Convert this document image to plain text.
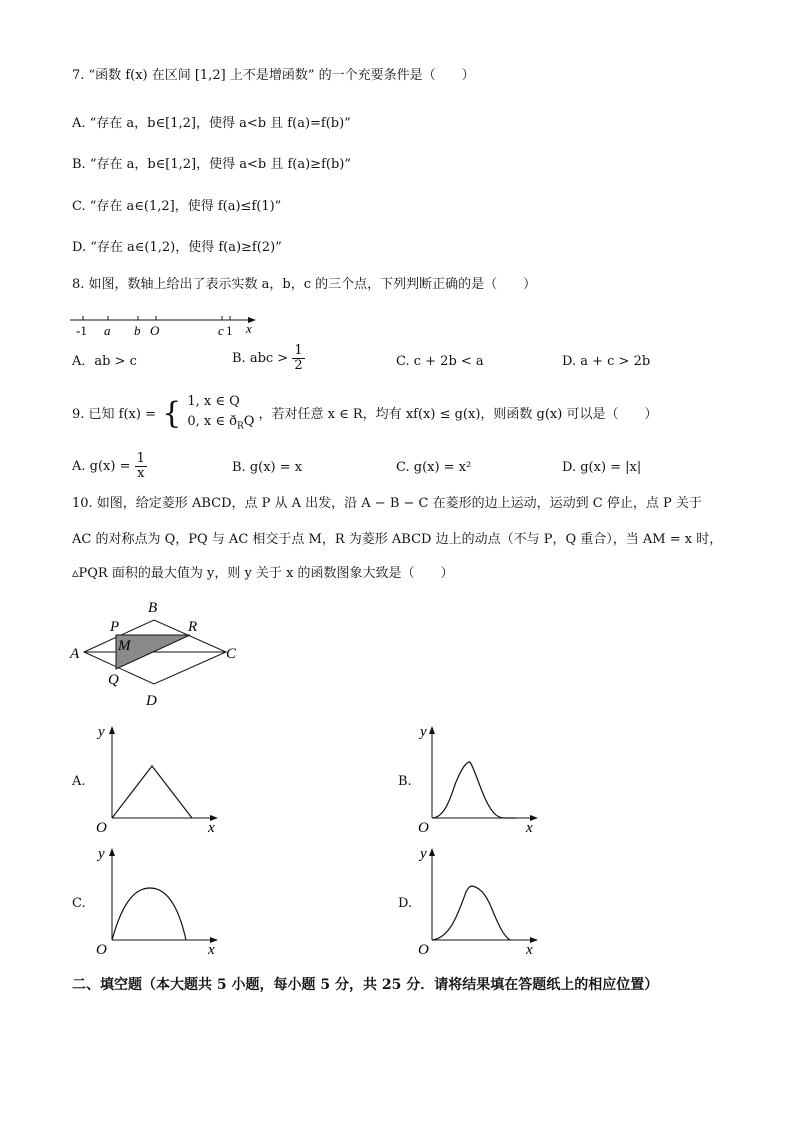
7. “函数 f(x) 在区间 [1,2] 上不是增函数” 的一个充要条件是（　　）
A. “存在 a，b∈[1,2]，使得 a<b 且 f(a)=f(b)”
B. “存在 a，b∈[1,2]，使得 a<b 且 f(a)≥f(b)”
C. “存在 a∈(1,2]，使得 f(a)≤f(1)”
D. “存在 a∈(1,2)，使得 f(a)≥f(2)”
8. 如图，数轴上给出了表示实数 a，b，c 的三个点，下列判断正确的是（　　）
-1 a b O	c 1 x
A．ab > c	B. abc > $\frac{1}{2}$	C. c + 2b < a	D. a + c > 2b
9. 已知 f(x) = { 1, x ∈ Q
0, x ∈ $ð_RQ$ ，若对任意 x ∈ R，均有 xf(x) ≤ g(x)，则函数 g(x) 可以是（　　）
A. $g(x) = \frac{1}{x}$	B. g(x) = x	C. g(x) = x²	D. g(x) = |x|
10. 如图，给定菱形 ABCD，点 P 从 A 出发，沿 A − B − C 在菱形的边上运动，运动到 C 停止，点 P 关于
AC 的对称点为 Q，PQ 与 AC 相交于点 M，R 为菱形 ABCD 边上的动点（不与 P，Q 重合），当 AM = x 时，
▵PQR 面积的最大值为 y，则 y 关于 x 的函数图象大致是（　　）
B
A	C
D
P	R
Q
M
A.
y
x
O
B.
y
x
O
C.
y
x
O
D.
y
x
O
二、填空题（本大题共 5 小题，每小题 5 分，共 25 分．请将结果填在答题纸上的相应位置）
